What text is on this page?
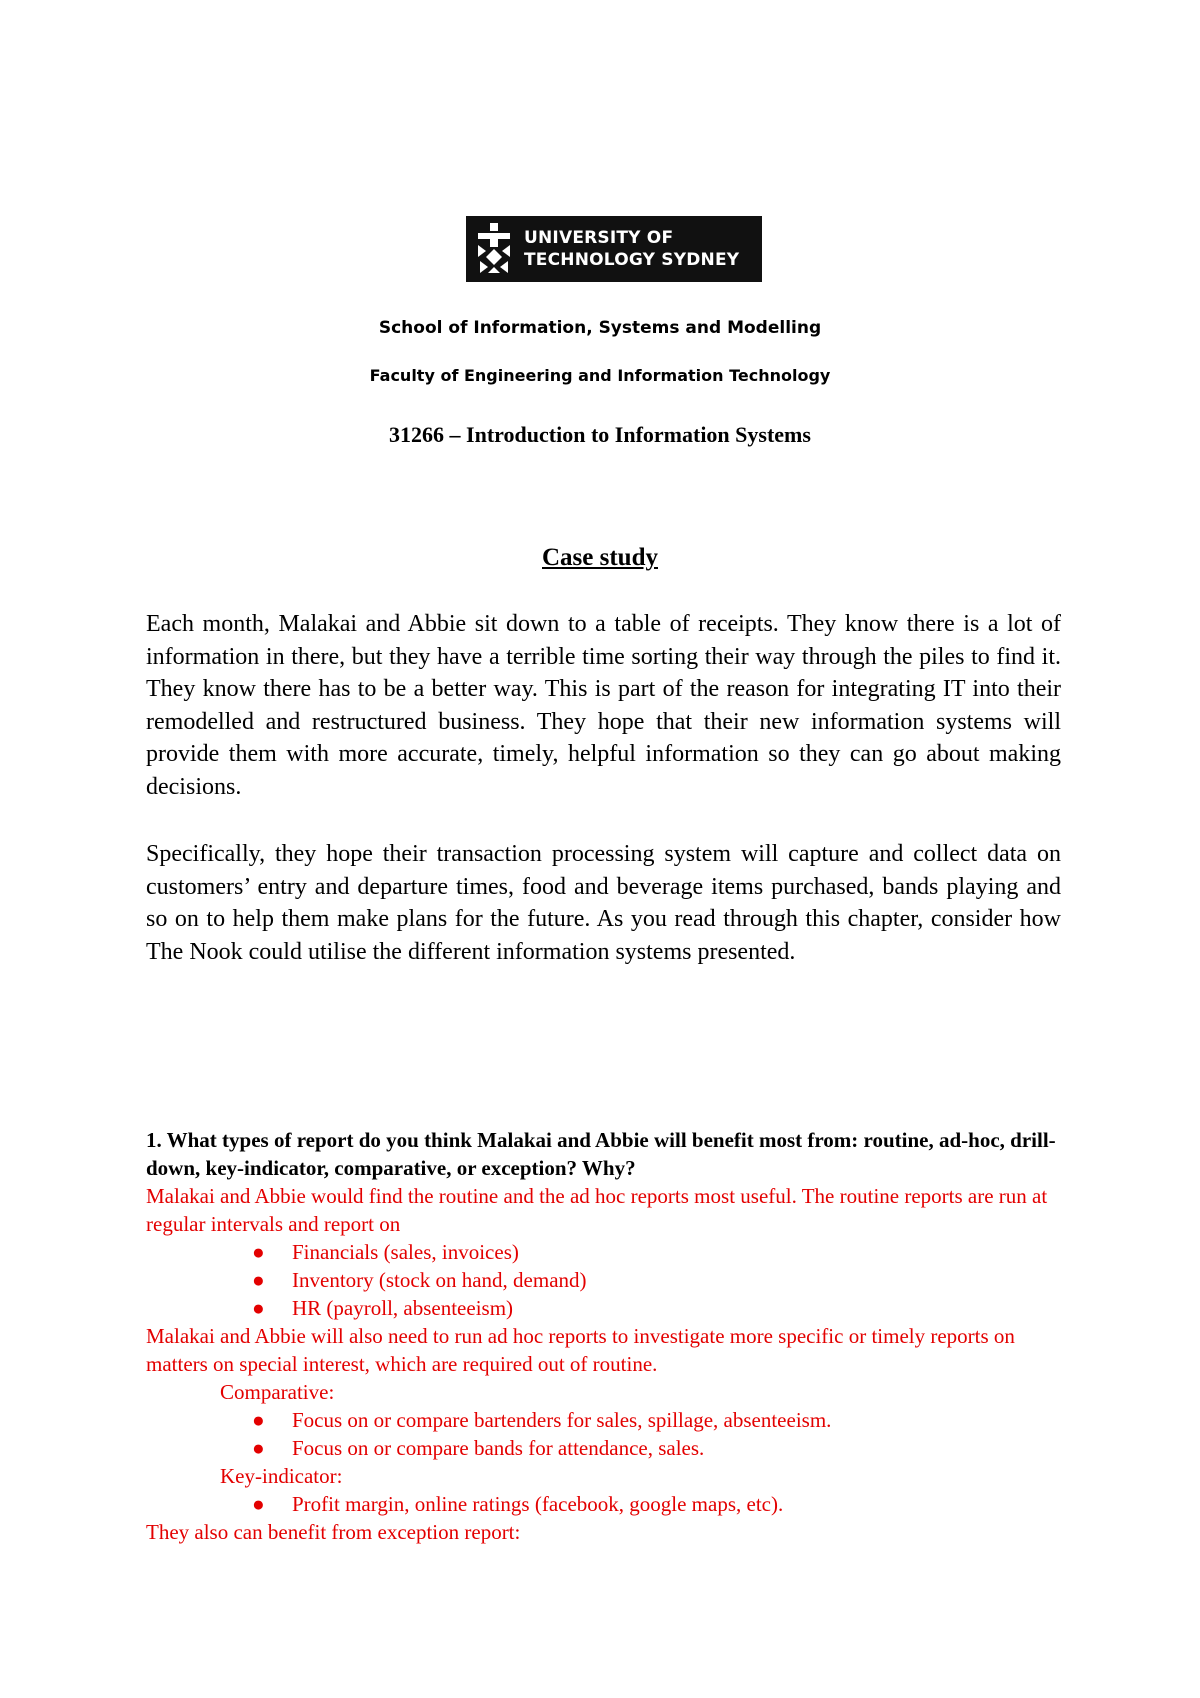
UNIVERSITY OF
TECHNOLOGY SYDNEY
School of Information, Systems and Modelling
Faculty of Engineering and Information Technology
31266 – Introduction to Information Systems
Case study

Each month, Malakai and Abbie sit down to a table of receipts. They know there is a lot of information in there, but they have a terrible time sorting their way through the piles to find it. They know there has to be a better way. This is part of the reason for integrating IT into their remodelled and restructured business. They hope that their new information systems will provide them with more accurate, timely, helpful information so they can go about making decisions.

Specifically, they hope their transaction processing system will capture and collect data on customers’ entry and departure times, food and beverage items purchased, bands playing and so on to help them make plans for the future. As you read through this chapter, consider how The Nook could utilise the different information systems presented.

1. What types of report do you think Malakai and Abbie will benefit most from: routine, ad-hoc, drill-down, key-indicator, comparative, or exception? Why?

Malakai and Abbie would find the routine and the ad hoc reports most useful. The routine reports are run at regular intervals and report on

● Financials (sales, invoices)
● Inventory (stock on hand, demand)
● HR (payroll, absenteeism)

Malakai and Abbie will also need to run ad hoc reports to investigate more specific or timely reports on matters on special interest, which are required out of routine.

Comparative:

● Focus on or compare bartenders for sales, spillage, absenteeism.
● Focus on or compare bands for attendance, sales.

Key-indicator:

● Profit margin, online ratings (facebook, google maps, etc).

They also can benefit from exception report:
